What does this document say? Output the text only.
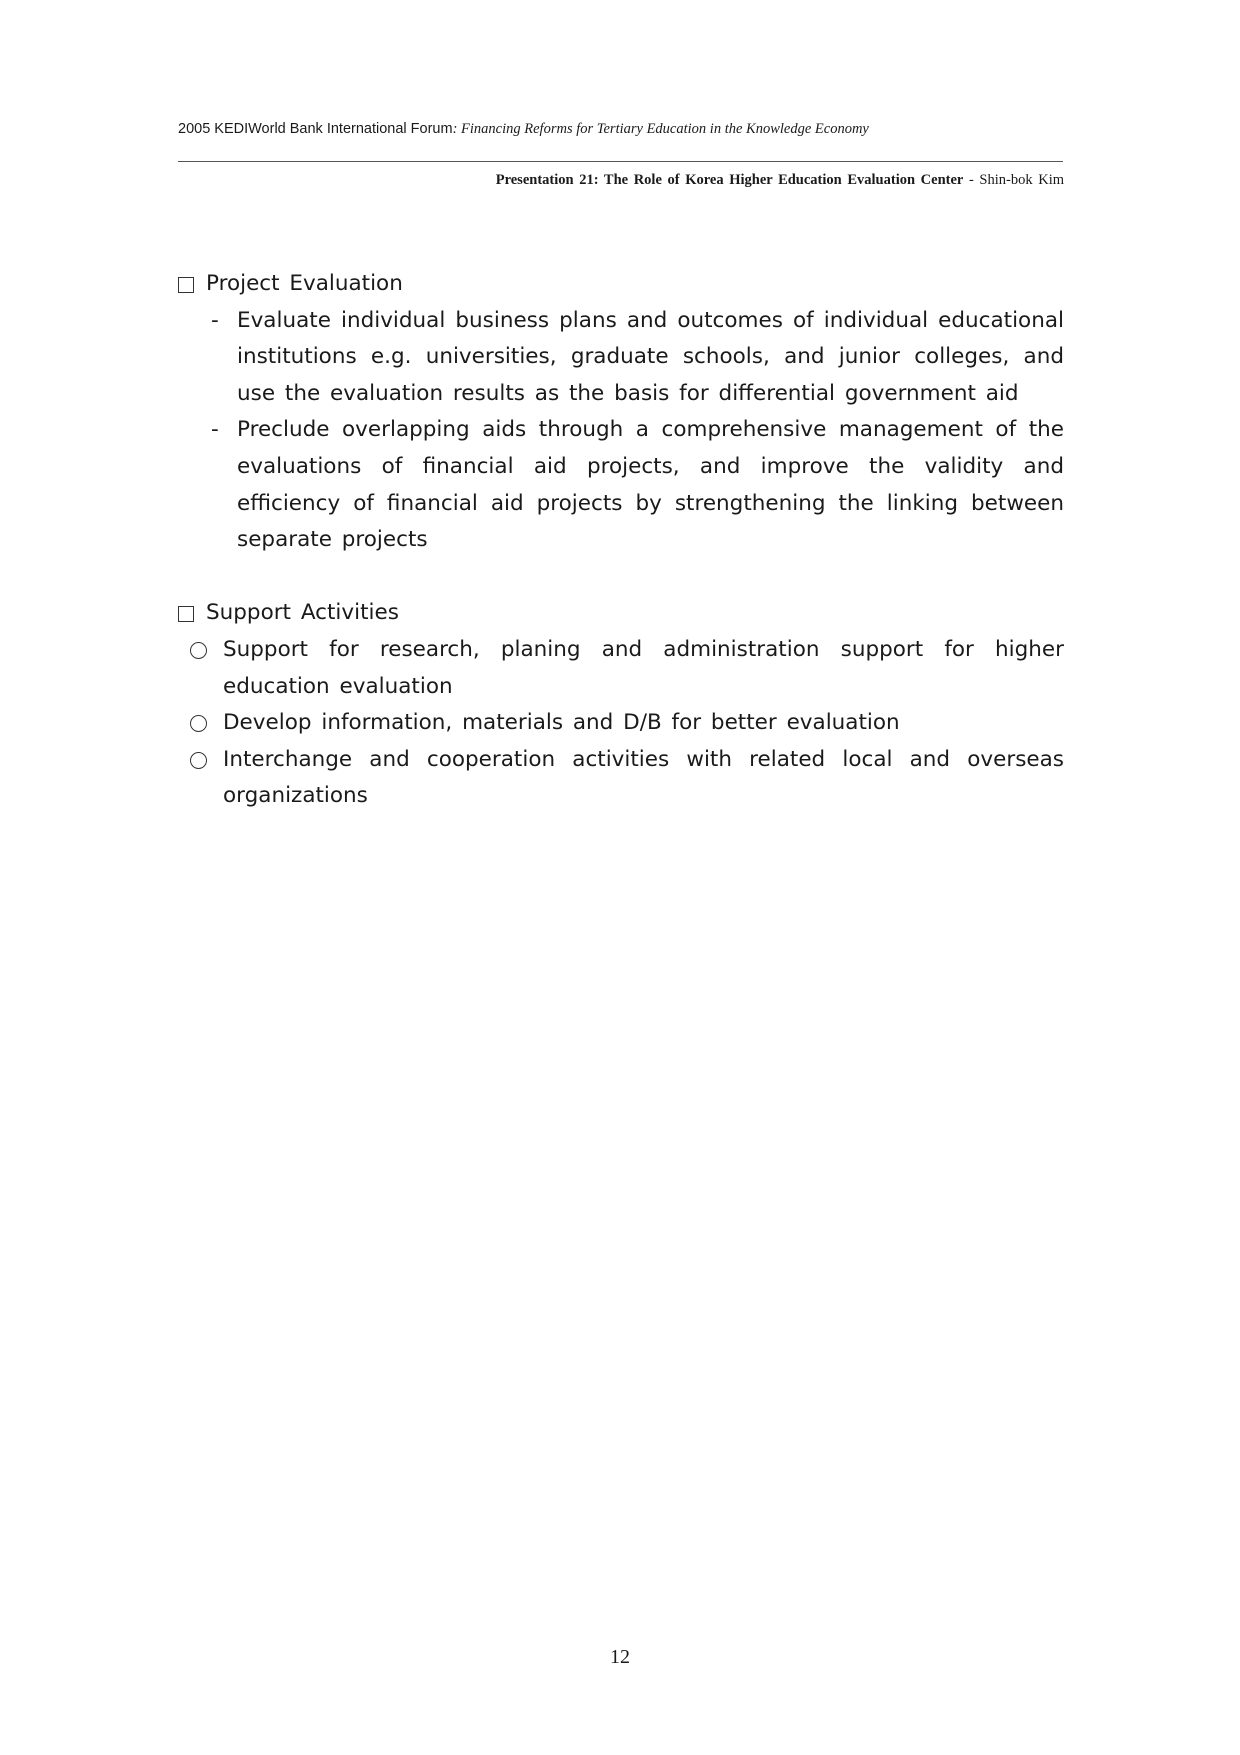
2005 KEDIWorld Bank International Forum: Financing Reforms for Tertiary Education in the Knowledge Economy
Presentation 21: The Role of Korea Higher Education Evaluation Center - Shin-bok Kim
Project Evaluation
- Evaluate individual business plans and outcomes of individual educational institutions e.g. universities, graduate schools, and junior colleges, and use the evaluation results as the basis for differential government aid
- Preclude overlapping aids through a comprehensive management of the evaluations of financial aid projects, and improve the validity and efficiency of financial aid projects by strengthening the linking between separate projects
Support Activities
Support for research, planing and administration support for higher education evaluation
Develop information, materials and D/B for better evaluation
Interchange and cooperation activities with related local and overseas organizations
12
